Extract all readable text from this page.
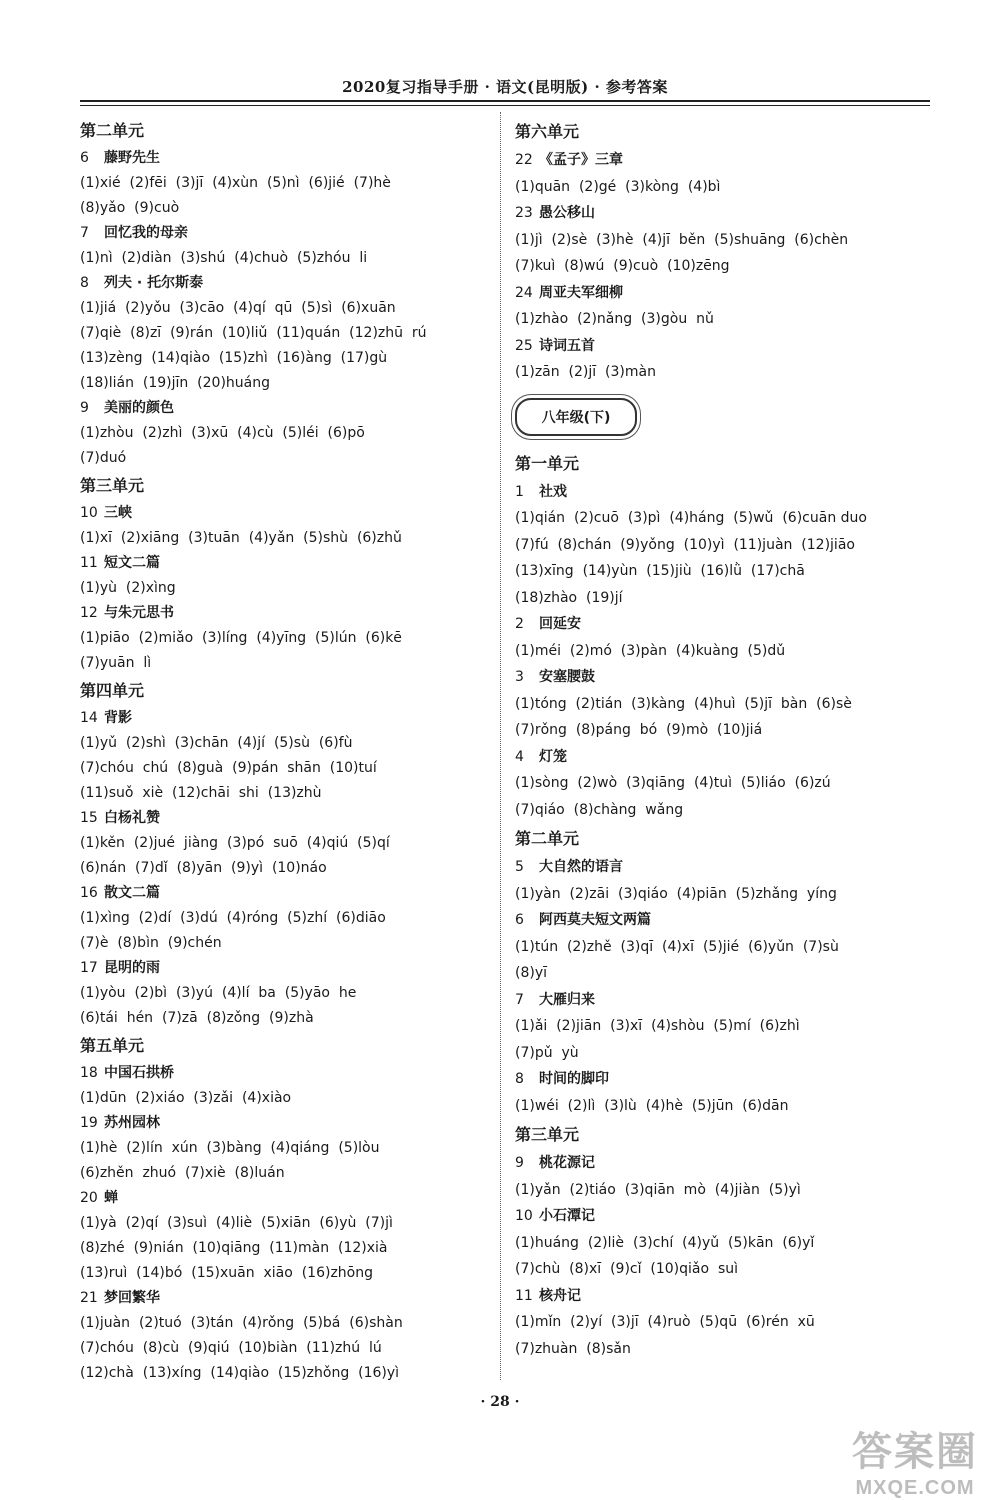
2020复习指导手册 · 语文(昆明版) · 参考答案
第二单元
6 藤野先生
(1)xié  (2)fēi  (3)jī  (4)xùn  (5)nì  (6)jié  (7)hè
(8)yǎo  (9)cuò
7 回忆我的母亲
(1)nì  (2)diàn  (3)shú  (4)chuò  (5)zhóu  li
8 列夫 · 托尔斯泰
(1)jiá  (2)yǒu  (3)cāo  (4)qí  qū  (5)sì  (6)xuān
(7)qiè  (8)zī  (9)rán  (10)liǔ  (11)quán  (12)zhū  rú
(13)zèng  (14)qiào  (15)zhì  (16)àng  (17)gù
(18)lián  (19)jīn  (20)huáng
9 美丽的颜色
(1)zhòu  (2)zhì  (3)xū  (4)cù  (5)léi  (6)pō
(7)duó
第三单元
10 三峡
(1)xī  (2)xiāng  (3)tuān  (4)yǎn  (5)shù  (6)zhǔ
11 短文二篇
(1)yù  (2)xìng
12 与朱元思书
(1)piāo  (2)miǎo  (3)líng  (4)yīng  (5)lún  (6)kē
(7)yuān  lì
第四单元
14 背影
(1)yǔ  (2)shì  (3)chān  (4)jí  (5)sù  (6)fù
(7)chóu  chú  (8)guà  (9)pán  shān  (10)tuí
(11)suǒ  xiè  (12)chāi  shi  (13)zhù
15 白杨礼赞
(1)kěn  (2)jué  jiàng  (3)pó  suō  (4)qiú  (5)qí
(6)nán  (7)dǐ  (8)yān  (9)yì  (10)náo
16 散文二篇
(1)xìng  (2)dí  (3)dú  (4)róng  (5)zhí  (6)diāo
(7)è  (8)bìn  (9)chén
17 昆明的雨
(1)yòu  (2)bì  (3)yú  (4)lí  ba  (5)yāo  he
(6)tái  hén  (7)zā  (8)zǒng  (9)zhà
第五单元
18 中国石拱桥
(1)dūn  (2)xiáo  (3)zǎi  (4)xiào
19 苏州园林
(1)hè  (2)lín  xún  (3)bàng  (4)qiáng  (5)lòu
(6)zhěn  zhuó  (7)xiè  (8)luán
20 蝉
(1)yà  (2)qí  (3)suì  (4)liè  (5)xiān  (6)yù  (7)jì
(8)zhé  (9)nián  (10)qiāng  (11)màn  (12)xià
(13)ruì  (14)bó  (15)xuān  xiāo  (16)zhōng
21 梦回繁华
(1)juàn  (2)tuó  (3)tán  (4)rǒng  (5)bá  (6)shàn
(7)chóu  (8)cù  (9)qiú  (10)biàn  (11)zhú  lú
(12)chà  (13)xíng  (14)qiào  (15)zhǒng  (16)yì
第六单元
22 《孟子》三章
(1)quān  (2)gé  (3)kòng  (4)bì
23 愚公移山
(1)jì  (2)sè  (3)hè  (4)jī  běn  (5)shuāng  (6)chèn
(7)kuì  (8)wú  (9)cuò  (10)zēng
24 周亚夫军细柳
(1)zhào  (2)nǎng  (3)gòu  nǔ
25 诗词五首
(1)zān  (2)jī  (3)màn
八年级(下)
第一单元
1 社戏
(1)qián  (2)cuō  (3)pì  (4)háng  (5)wǔ  (6)cuān duo
(7)fú  (8)chán  (9)yǒng  (10)yì  (11)juàn  (12)jiāo
(13)xīng  (14)yùn  (15)jiù  (16)lǜ  (17)chā
(18)zhào  (19)jí
2 回延安
(1)méi  (2)mó  (3)pàn  (4)kuàng  (5)dǔ
3 安塞腰鼓
(1)tóng  (2)tián  (3)kàng  (4)huì  (5)jī  bàn  (6)sè
(7)rǒng  (8)páng  bó  (9)mò  (10)jiá
4 灯笼
(1)sòng  (2)wò  (3)qiāng  (4)tuì  (5)liáo  (6)zú
(7)qiáo  (8)chàng  wǎng
第二单元
5 大自然的语言
(1)yàn  (2)zāi  (3)qiáo  (4)piān  (5)zhǎng  yíng
6 阿西莫夫短文两篇
(1)tún  (2)zhě  (3)qī  (4)xī  (5)jié  (6)yǔn  (7)sù
(8)yī
7 大雁归来
(1)ǎi  (2)jiān  (3)xī  (4)shòu  (5)mí  (6)zhì
(7)pǔ  yù
8 时间的脚印
(1)wéi  (2)lì  (3)lù  (4)hè  (5)jūn  (6)dān
第三单元
9 桃花源记
(1)yǎn  (2)tiáo  (3)qiān  mò  (4)jiàn  (5)yì
10 小石潭记
(1)huáng  (2)liè  (3)chí  (4)yǔ  (5)kān  (6)yǐ
(7)chù  (8)xī  (9)cǐ  (10)qiǎo  suì
11 核舟记
(1)mǐn  (2)yí  (3)jī  (4)ruò  (5)qū  (6)rén  xū
(7)zhuàn  (8)sǎn
· 28 ·
答案圈
MXQE.COM
